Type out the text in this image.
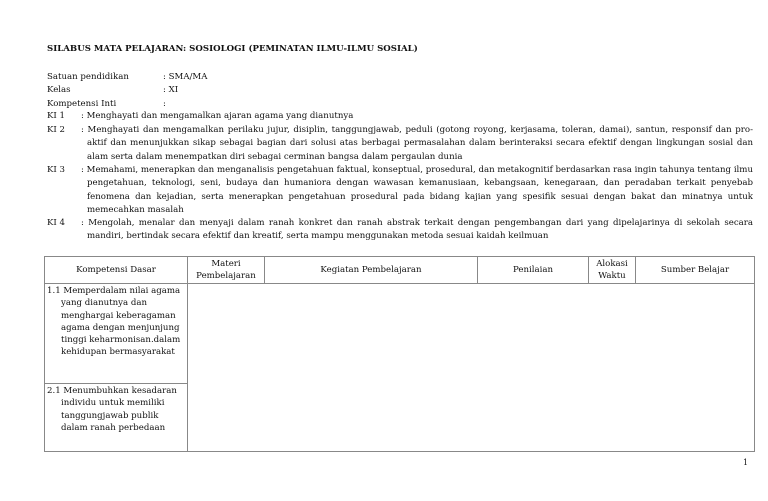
SILABUS MATA PELAJARAN: SOSIOLOGI (PEMINATAN ILMU-ILMU SOSIAL)
Satuan pendidikan	: SMA/MA
Kelas	: XI
Kompetensi Inti	:
KI 1 : Menghayati dan mengamalkan ajaran agama yang dianutnya
KI 2 : Menghayati dan mengamalkan perilaku jujur, disiplin, tanggungjawab, peduli (gotong royong, kerjasama, toleran, damai), santun, responsif dan pro-aktif dan menunjukkan sikap sebagai bagian dari solusi atas berbagai permasalahan dalam berinteraksi secara efektif dengan lingkungan sosial dan alam serta dalam menempatkan diri sebagai cerminan bangsa dalam pergaulan dunia
KI 3 : Memahami, menerapkan dan menganalisis pengetahuan faktual, konseptual, prosedural, dan metakognitif berdasarkan rasa ingin tahunya tentang ilmu pengetahuan, teknologi, seni, budaya dan humaniora dengan wawasan kemanusiaan, kebangsaan, kenegaraan, dan peradaban terkait penyebab fenomena dan kejadian, serta menerapkan pengetahuan prosedural pada bidang kajian yang spesifik sesuai dengan bakat dan minatnya untuk memecahkan masalah
KI 4 : Mengolah, menalar dan menyaji dalam ranah konkret dan ranah abstrak terkait dengan pengembangan dari yang dipelajarinya di sekolah secara mandiri, bertindak secara efektif dan kreatif, serta mampu menggunakan metoda sesuai kaidah keilmuan
Kompetensi Dasar	Materi Pembelajaran	Kegiatan Pembelajaran	Penilaian	Alokasi Waktu	Sumber Belajar

1.1 Memperdalam nilai agama yang dianutnya dan menghargai keberagaman agama dengan menjunjung tinggi keharmonisan.dalam kehidupan bermasyarakat					

2.1 Menumbuhkan kesadaran individu untuk memiliki tanggungjawab publik dalam ranah perbedaan					
1
